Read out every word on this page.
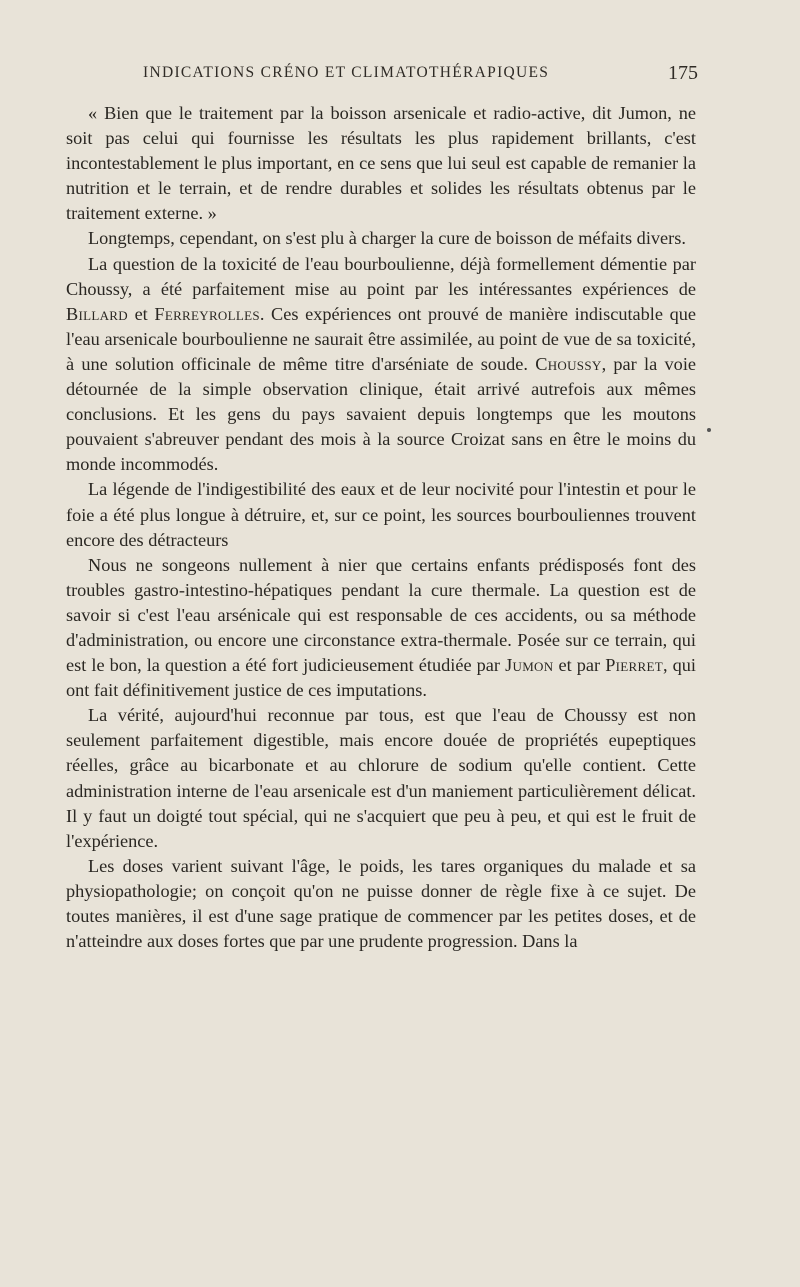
INDICATIONS CRÉNO ET CLIMATOTHÉRAPIQUES	175

« Bien que le traitement par la boisson arsenicale et radio-active, dit Jumon, ne soit pas celui qui fournisse les résultats les plus rapidement brillants, c'est incontestablement le plus important, en ce sens que lui seul est capable de remanier la nutrition et le terrain, et de rendre durables et solides les résultats obtenus par le traitement externe. »

Longtemps, cependant, on s'est plu à charger la cure de boisson de méfaits divers.

La question de la toxicité de l'eau bourboulienne, déjà formellement démentie par Choussy, a été parfaitement mise au point par les intéressantes expériences de Billard et Ferreyrolles. Ces expériences ont prouvé de manière indiscutable que l'eau arsenicale bourboulienne ne saurait être assimilée, au point de vue de sa toxicité, à une solution officinale de même titre d'arséniate de soude. Choussy, par la voie détournée de la simple observation clinique, était arrivé autrefois aux mêmes conclusions. Et les gens du pays savaient depuis longtemps que les moutons pouvaient s'abreuver pendant des mois à la source Croizat sans en être le moins du monde incommodés.

La légende de l'indigestibilité des eaux et de leur nocivité pour l'intestin et pour le foie a été plus longue à détruire, et, sur ce point, les sources bourbouliennes trouvent encore des détracteurs

Nous ne songeons nullement à nier que certains enfants prédisposés font des troubles gastro-intestino-hépatiques pendant la cure thermale. La question est de savoir si c'est l'eau arsénicale qui est responsable de ces accidents, ou sa méthode d'administration, ou encore une circonstance extra-thermale. Posée sur ce terrain, qui est le bon, la question a été fort judicieusement étudiée par Jumon et par Pierret, qui ont fait définitivement justice de ces imputations.

La vérité, aujourd'hui reconnue par tous, est que l'eau de Choussy est non seulement parfaitement digestible, mais encore douée de propriétés eupeptiques réelles, grâce au bicarbonate et au chlorure de sodium qu'elle contient. Cette administration interne de l'eau arsenicale est d'un maniement particulièrement délicat. Il y faut un doigté tout spécial, qui ne s'acquiert que peu à peu, et qui est le fruit de l'expérience.

Les doses varient suivant l'âge, le poids, les tares organiques du malade et sa physiopathologie; on conçoit qu'on ne puisse donner de règle fixe à ce sujet. De toutes manières, il est d'une sage pratique de commencer par les petites doses, et de n'atteindre aux doses fortes que par une prudente progression. Dans la
